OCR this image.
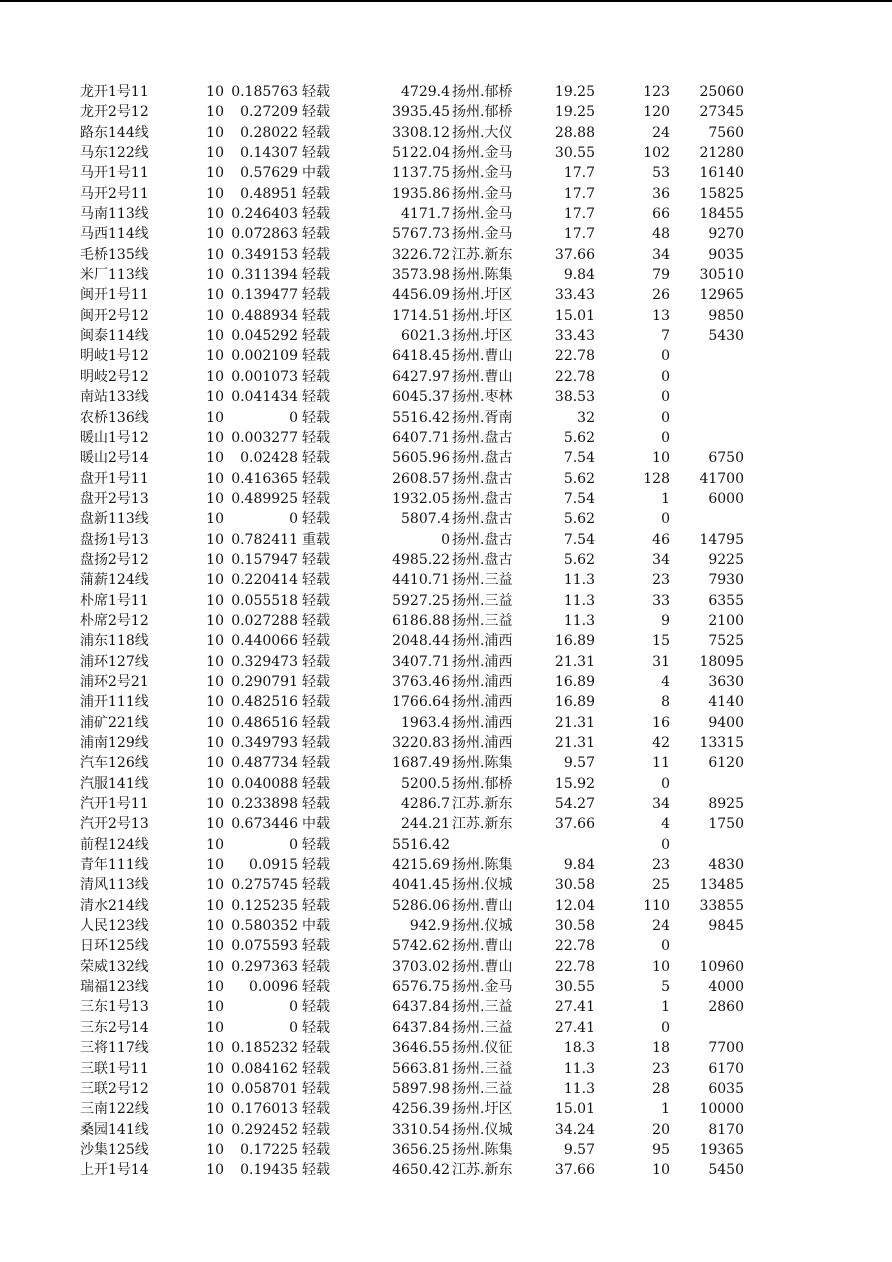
龙开1号11	10 0.185763 轻载	4729.4 扬州.郁桥	19.25	123	25060
龙开2号12	10	0.27209 轻载	3935.45 扬州.郁桥	19.25	120	27345
路东144线	10	0.28022 轻载	3308.12 扬州.大仪	28.88	24	7560
马东122线	10	0.14307 轻载	5122.04 扬州.金马	30.55	102	21280
马开1号11	10	0.57629 中载	1137.75 扬州.金马	17.7	53	16140
马开2号11	10	0.48951 轻载	1935.86 扬州.金马	17.7	36	15825
马南113线	10 0.246403 轻载	4171.7 扬州.金马	17.7	66	18455
马西114线	10 0.072863 轻载	5767.73 扬州.金马	17.7	48	9270
毛桥135线	10 0.349153 轻载	3226.72 江苏.新东	37.66	34	9035
米厂113线	10 0.311394 轻载	3573.98 扬州.陈集	9.84	79	30510
闽开1号11	10 0.139477 轻载	4456.09 扬州.圩区	33.43	26	12965
闽开2号12	10 0.488934 轻载	1714.51 扬州.圩区	15.01	13	9850
闽泰114线	10 0.045292 轻载	6021.3 扬州.圩区	33.43	7	5430
明岐1号12	10 0.002109 轻载	6418.45 扬州.曹山	22.78	0
明岐2号12	10 0.001073 轻载	6427.97 扬州.曹山	22.78	0
南站133线	10 0.041434 轻载	6045.37 扬州.枣林	38.53	0
农桥136线	10	0 轻载	5516.42 扬州.胥南	32	0
暖山1号12	10 0.003277 轻载	6407.71 扬州.盘古	5.62	0
暖山2号14	10	0.02428 轻载	5605.96 扬州.盘古	7.54	10	6750
盘开1号11	10 0.416365 轻载	2608.57 扬州.盘古	5.62	128	41700
盘开2号13	10 0.489925 轻载	1932.05 扬州.盘古	7.54	1	6000
盘新113线	10	0 轻载	5807.4 扬州.盘古	5.62	0
盘扬1号13	10 0.782411 重载	0 扬州.盘古	7.54	46	14795
盘扬2号12	10 0.157947 轻载	4985.22 扬州.盘古	5.62	34	9225
蒲薪124线	10 0.220414 轻载	4410.71 扬州.三益	11.3	23	7930
朴席1号11	10 0.055518 轻载	5927.25 扬州.三益	11.3	33	6355
朴席2号12	10 0.027288 轻载	6186.88 扬州.三益	11.3	9	2100
浦东118线	10 0.440066 轻载	2048.44 扬州.浦西	16.89	15	7525
浦环127线	10 0.329473 轻载	3407.71 扬州.浦西	21.31	31	18095
浦环2号21	10 0.290791 轻载	3763.46 扬州.浦西	16.89	4	3630
浦开111线	10 0.482516 轻载	1766.64 扬州.浦西	16.89	8	4140
浦矿221线	10 0.486516 轻载	1963.4 扬州.浦西	21.31	16	9400
浦南129线	10 0.349793 轻载	3220.83 扬州.浦西	21.31	42	13315
汽车126线	10 0.487734 轻载	1687.49 扬州.陈集	9.57	11	6120
汽服141线	10 0.040088 轻载	5200.5 扬州.郁桥	15.92	0
汽开1号11	10 0.233898 轻载	4286.7 江苏.新东	54.27	34	8925
汽开2号13	10 0.673446 中载	244.21 江苏.新东	37.66	4	1750
前程124线	10	0 轻载	5516.42	0
青年111线	10	0.0915 轻载	4215.69 扬州.陈集	9.84	23	4830
清风113线	10 0.275745 轻载	4041.45 扬州.仪城	30.58	25	13485
清水214线	10 0.125235 轻载	5286.06 扬州.曹山	12.04	110	33855
人民123线	10 0.580352 中载	942.9 扬州.仪城	30.58	24	9845
日环125线	10 0.075593 轻载	5742.62 扬州.曹山	22.78	0
荣威132线	10 0.297363 轻载	3703.02 扬州.曹山	22.78	10	10960
瑞福123线	10	0.0096 轻载	6576.75 扬州.金马	30.55	5	4000
三东1号13	10	0 轻载	6437.84 扬州.三益	27.41	1	2860
三东2号14	10	0 轻载	6437.84 扬州.三益	27.41	0
三将117线	10 0.185232 轻载	3646.55 扬州.仪征	18.3	18	7700
三联1号11	10 0.084162 轻载	5663.81 扬州.三益	11.3	23	6170
三联2号12	10 0.058701 轻载	5897.98 扬州.三益	11.3	28	6035
三南122线	10 0.176013 轻载	4256.39 扬州.圩区	15.01	1	10000
桑园141线	10 0.292452 轻载	3310.54 扬州.仪城	34.24	20	8170
沙集125线	10	0.17225 轻载	3656.25 扬州.陈集	9.57	95	19365
上开1号14	10	0.19435 轻载	4650.42 江苏.新东	37.66	10	5450
